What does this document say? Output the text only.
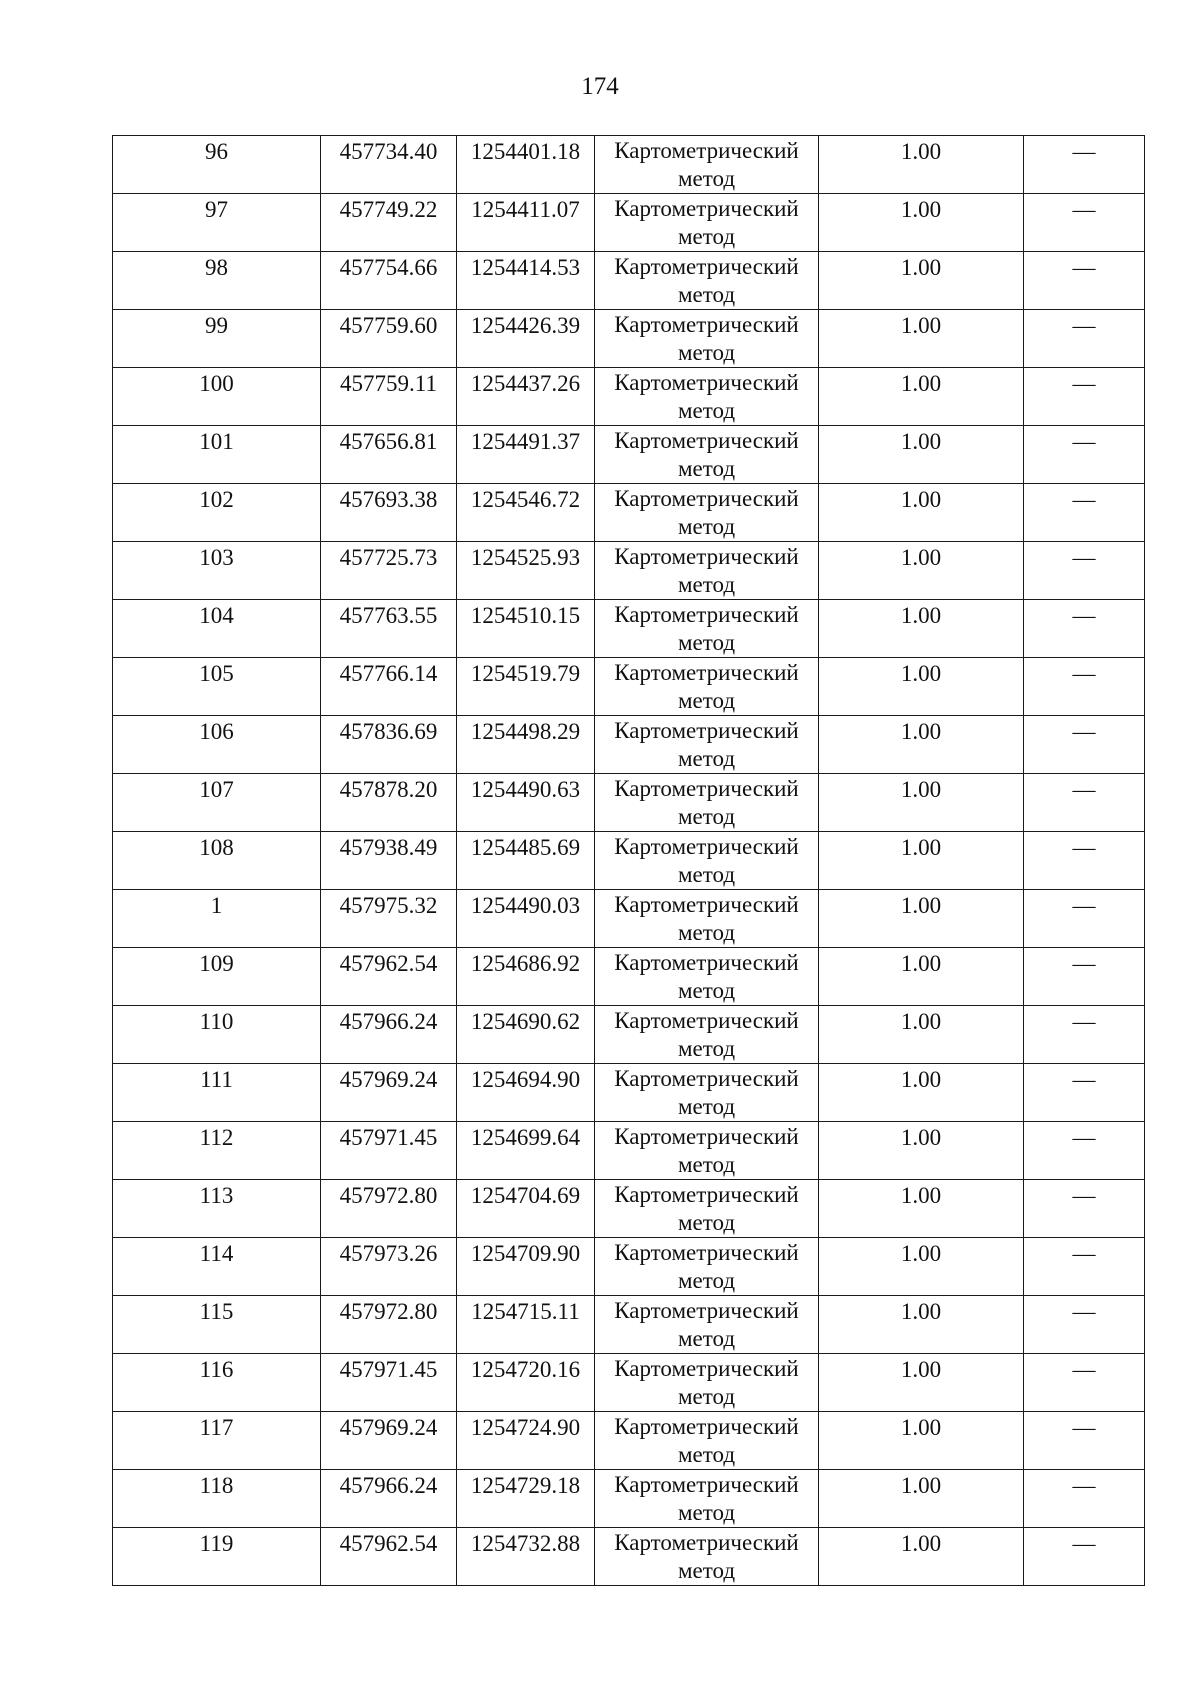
174
96	457734.40	1254401.18	Картометрический метод	1.00	—
97	457749.22	1254411.07	Картометрический метод	1.00	—
98	457754.66	1254414.53	Картометрический метод	1.00	—
99	457759.60	1254426.39	Картометрический метод	1.00	—
100	457759.11	1254437.26	Картометрический метод	1.00	—
101	457656.81	1254491.37	Картометрический метод	1.00	—
102	457693.38	1254546.72	Картометрический метод	1.00	—
103	457725.73	1254525.93	Картометрический метод	1.00	—
104	457763.55	1254510.15	Картометрический метод	1.00	—
105	457766.14	1254519.79	Картометрический метод	1.00	—
106	457836.69	1254498.29	Картометрический метод	1.00	—
107	457878.20	1254490.63	Картометрический метод	1.00	—
108	457938.49	1254485.69	Картометрический метод	1.00	—
1	457975.32	1254490.03	Картометрический метод	1.00	—
109	457962.54	1254686.92	Картометрический метод	1.00	—
110	457966.24	1254690.62	Картометрический метод	1.00	—
111	457969.24	1254694.90	Картометрический метод	1.00	—
112	457971.45	1254699.64	Картометрический метод	1.00	—
113	457972.80	1254704.69	Картометрический метод	1.00	—
114	457973.26	1254709.90	Картометрический метод	1.00	—
115	457972.80	1254715.11	Картометрический метод	1.00	—
116	457971.45	1254720.16	Картометрический метод	1.00	—
117	457969.24	1254724.90	Картометрический метод	1.00	—
118	457966.24	1254729.18	Картометрический метод	1.00	—
119	457962.54	1254732.88	Картометрический метод	1.00	—
